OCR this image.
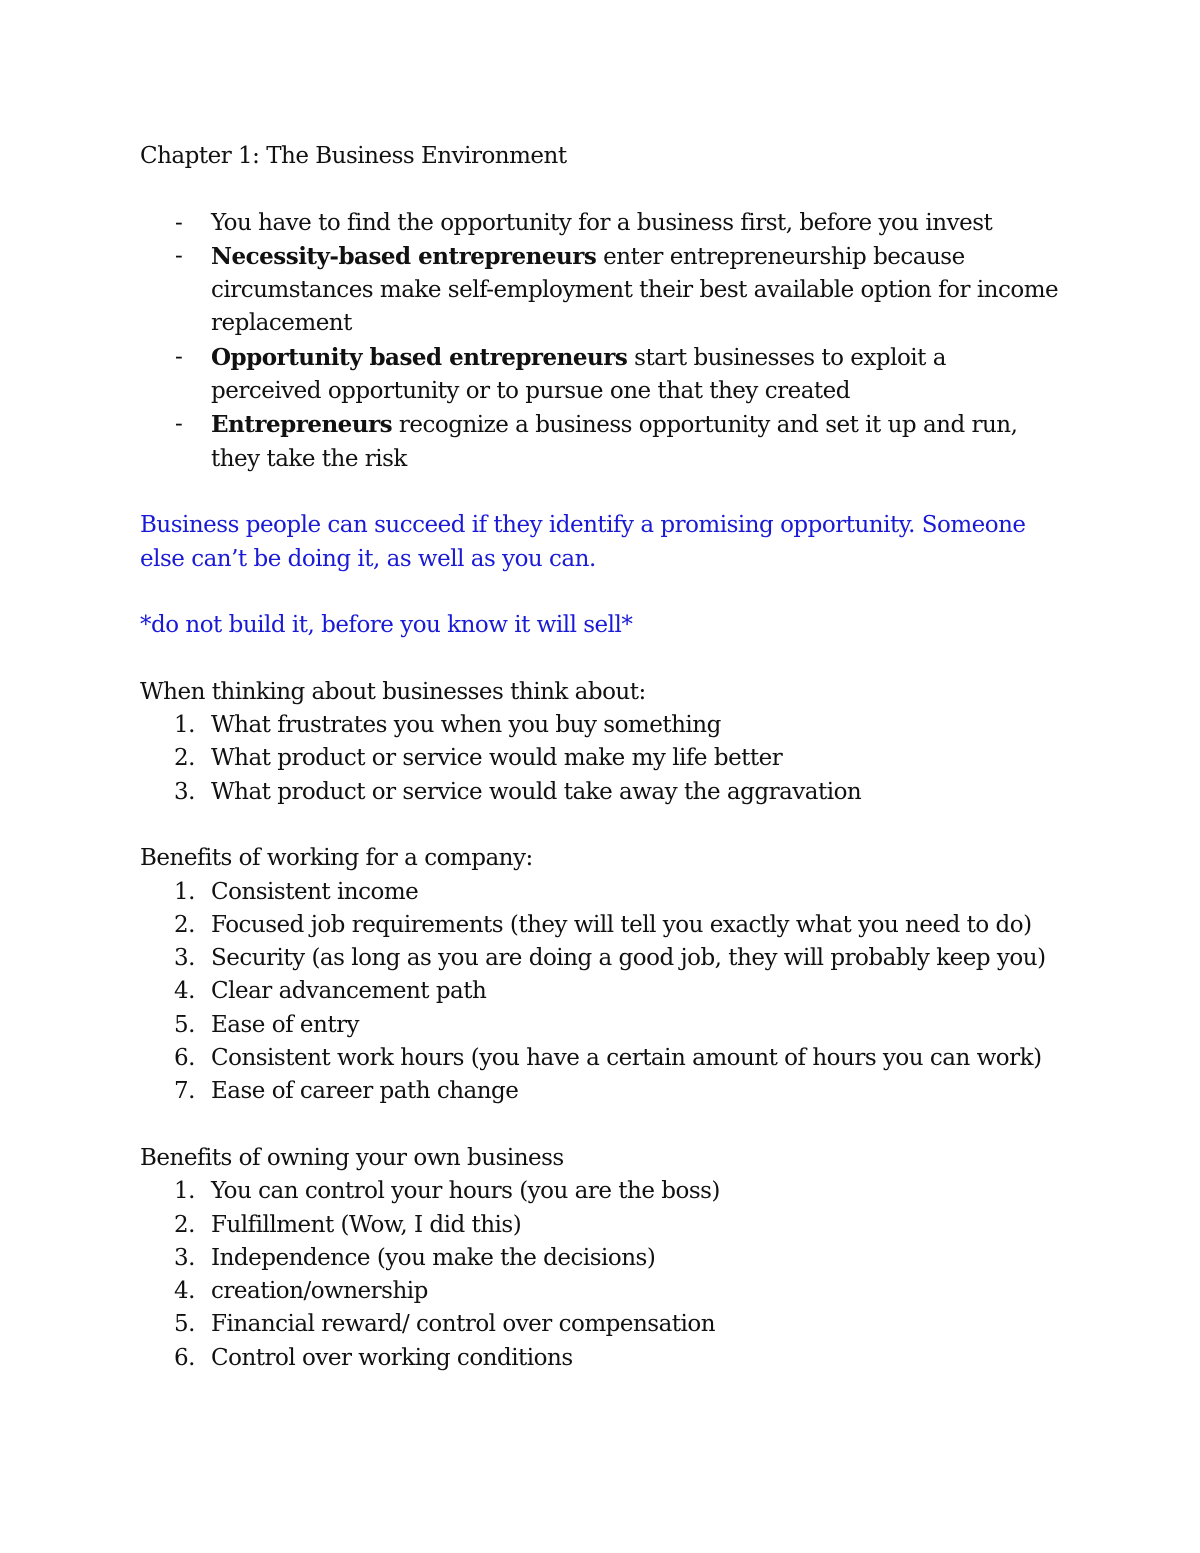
Chapter 1: The Business Environment

- You have to find the opportunity for a business first, before you invest
- Necessity-based entrepreneurs enter entrepreneurship because circumstances make self-employment their best available option for income replacement
- Opportunity based entrepreneurs start businesses to exploit a perceived opportunity or to pursue one that they created
- Entrepreneurs recognize a business opportunity and set it up and run, they take the risk

Business people can succeed if they identify a promising opportunity. Someone else can’t be doing it, as well as you can.

*do not build it, before you know it will sell*

When thinking about businesses think about:

1. What frustrates you when you buy something
2. What product or service would make my life better
3. What product or service would take away the aggravation

Benefits of working for a company:

1. Consistent income
2. Focused job requirements (they will tell you exactly what you need to do)
3. Security (as long as you are doing a good job, they will probably keep you)
4. Clear advancement path
5. Ease of entry
6. Consistent work hours (you have a certain amount of hours you can work)
7. Ease of career path change

Benefits of owning your own business

1. You can control your hours (you are the boss)
2. Fulfillment (Wow, I did this)
3. Independence (you make the decisions)
4. creation/ownership
5. Financial reward/ control over compensation
6. Control over working conditions
